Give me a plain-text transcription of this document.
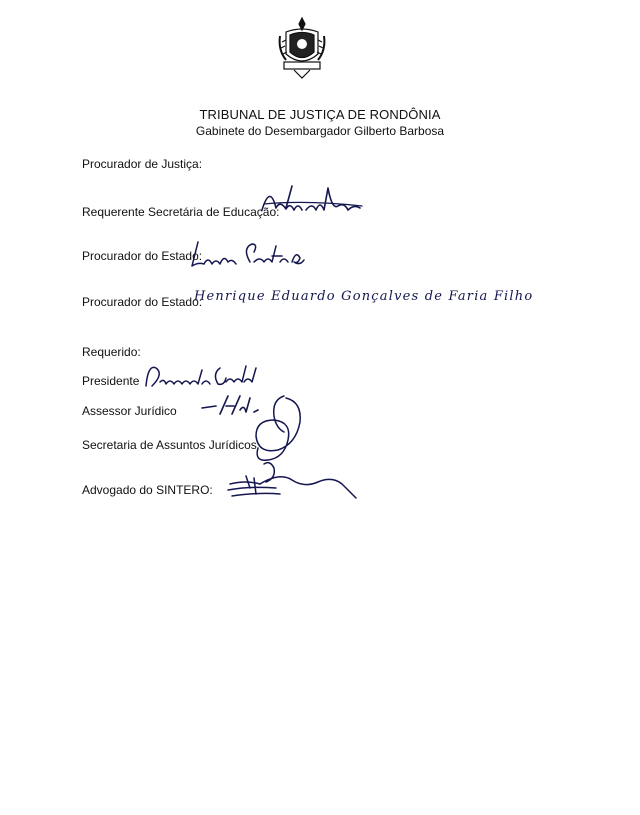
TRIBUNAL DE JUSTIÇA DE RONDÔNIA
Gabinete do Desembargador Gilberto Barbosa
Procurador de Justiça:
Requerente Secretária de Educação:
Procurador do Estado:
Procurador do Estado:
Requerido:
Presidente
Assessor Jurídico
Secretaria de Assuntos Jurídicos
Advogado do SINTERO:
Henrique Eduardo Gonçalves de Faria Filho
